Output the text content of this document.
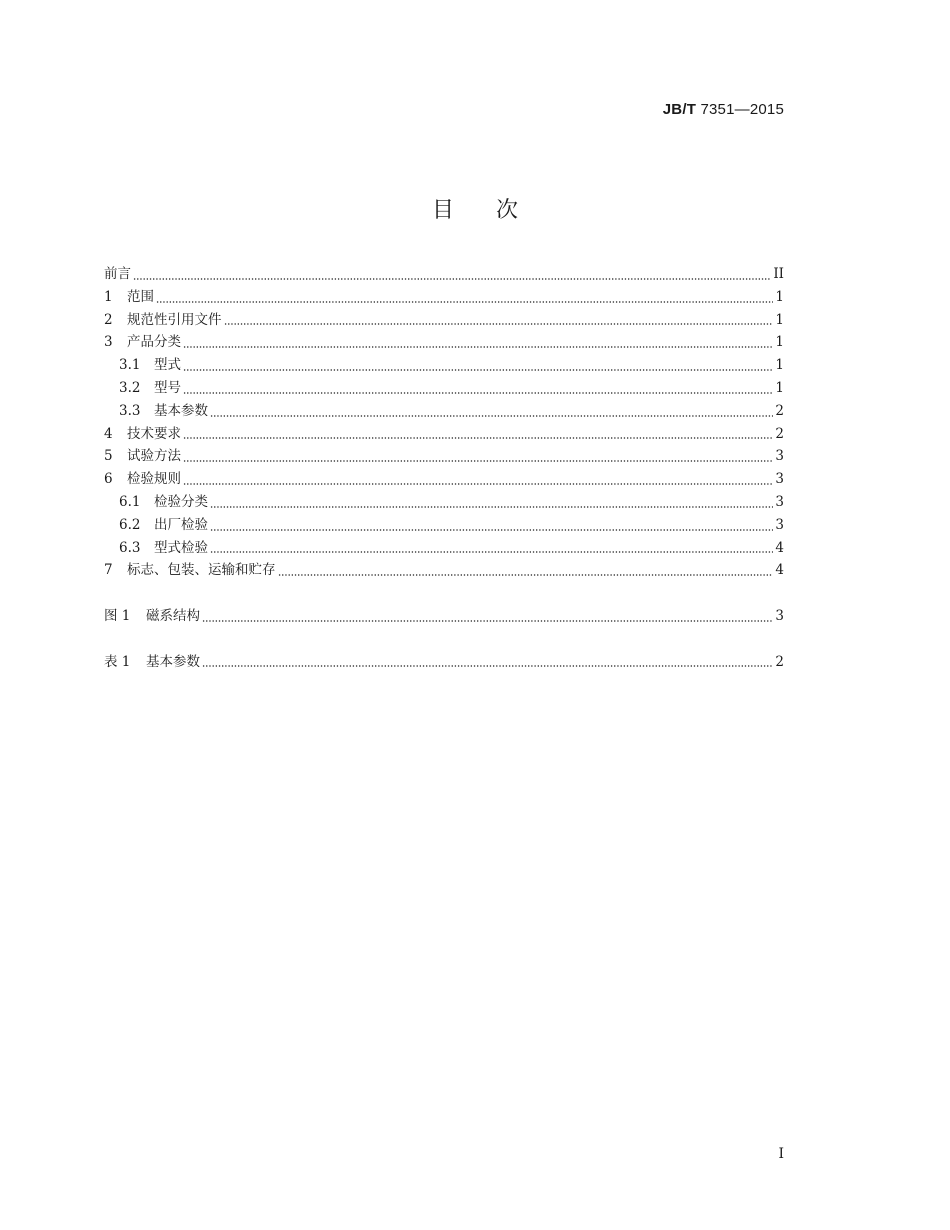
JB/T 7351—2015
目 次
前言	II
1	范围	1
2	规范性引用文件	1
3	产品分类	1
3.1	型式	1
3.2	型号	1
3.3	基本参数	2
4	技术要求	2
5	试验方法	3
6	检验规则	3
6.1	检验分类	3
6.2	出厂检验	3
6.3	型式检验	4
7	标志、包装、运输和贮存	4
图 1	磁系结构	3
表 1	基本参数	2
I
